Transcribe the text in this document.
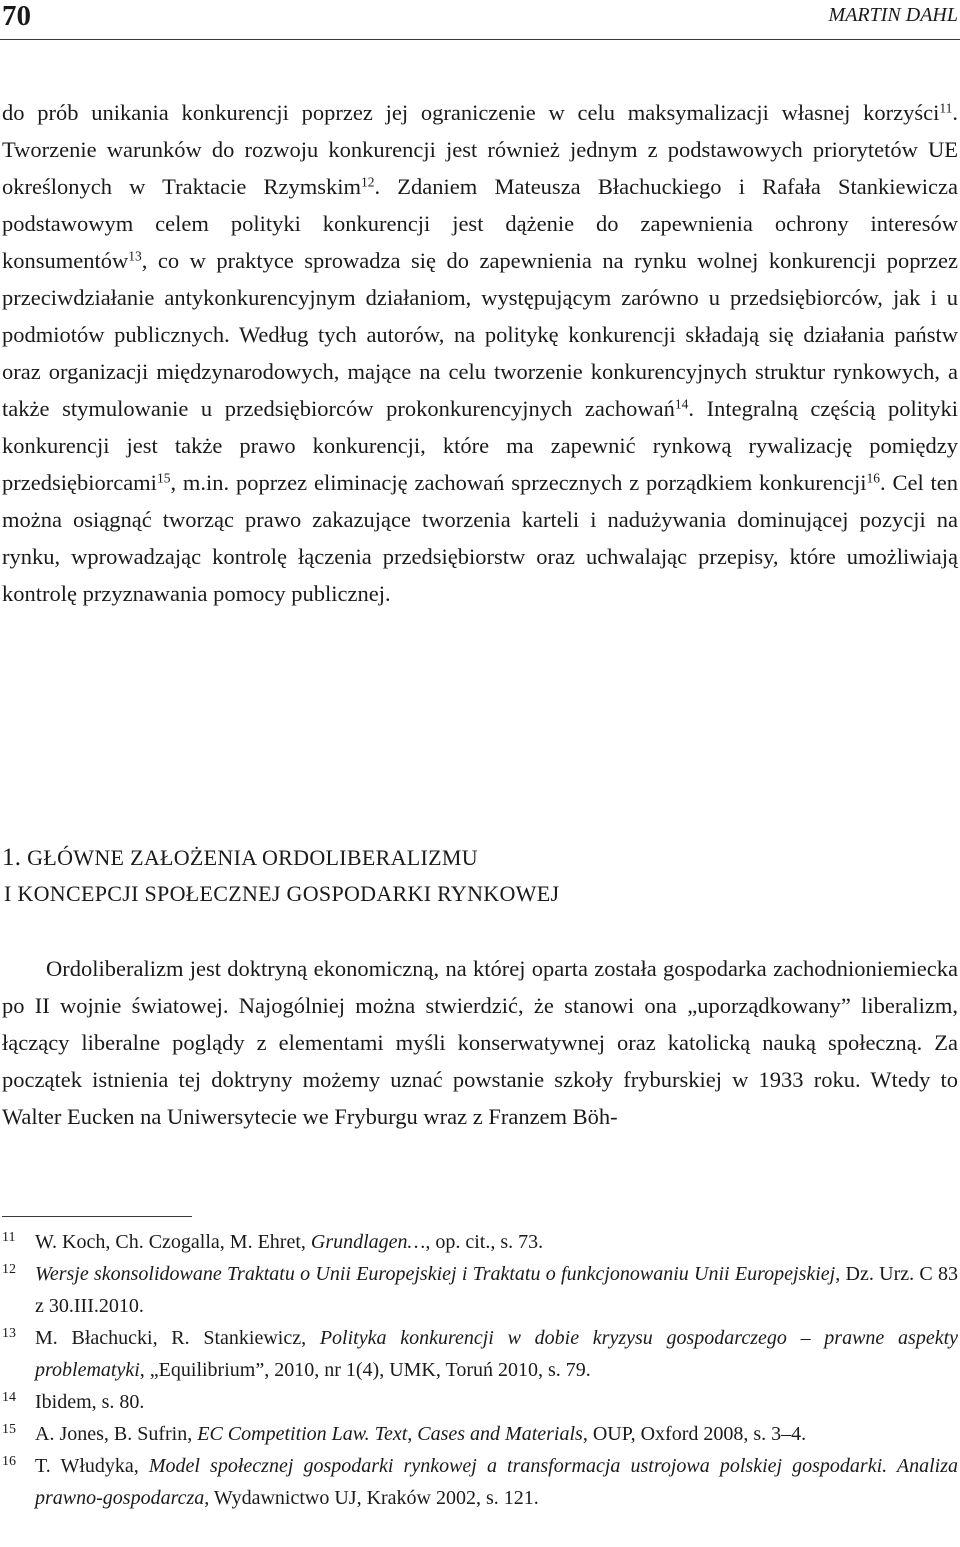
70	MARTIN DAHL

do prób unikania konkurencji poprzez jej ograniczenie w celu maksymalizacji własnej korzyści$^{11}$. Tworzenie warunków do rozwoju konkurencji jest również jednym z podstawowych priorytetów UE określonych w Traktacie Rzymskim$^{12}$. Zdaniem Mateusza Błachuckiego i Rafała Stankiewicza podstawowym celem polityki konkurencji jest dążenie do zapewnienia ochrony interesów konsumentów$^{13}$, co w praktyce sprowadza się do zapewnienia na rynku wolnej konkurencji poprzez przeciwdziałanie antykonkurencyjnym działaniom, występującym zarówno u przedsiębiorców, jak i u podmiotów publicznych. Według tych autorów, na politykę konkurencji składają się działania państw oraz organizacji międzynarodowych, mające na celu tworzenie konkurencyjnych struktur rynkowych, a także stymulowanie u przedsiębiorców prokonkurencyjnych zachowań$^{14}$. Integralną częścią polityki konkurencji jest także prawo konkurencji, które ma zapewnić rynkową rywalizację pomiędzy przedsiębiorcami$^{15}$, m.in. poprzez eliminację zachowań sprzecznych z porządkiem konkurencji$^{16}$. Cel ten można osiągnąć tworząc prawo zakazujące tworzenia karteli i nadużywania dominującej pozycji na rynku, wprowadzając kontrolę łączenia przedsiębiorstw oraz uchwalając przepisy, które umożliwiają kontrolę przyznawania pomocy publicznej.

1. GŁÓWNE ZAŁOŻENIA ORDOLIBERALIZMU
I KONCEPCJI SPOŁECZNEJ GOSPODARKI RYNKOWEJ

Ordoliberalizm jest doktryną ekonomiczną, na której oparta została gospodarka zachodnioniemiecka po II wojnie światowej. Najogólniej można stwierdzić, że stanowi ona „uporządkowany” liberalizm, łączący liberalne poglądy z elementami myśli konserwatywnej oraz katolicką nauką społeczną. Za początek istnienia tej doktryny możemy uznać powstanie szkoły fryburskiej w 1933 roku. Wtedy to Walter Eucken na Uniwersytecie we Fryburgu wraz z Franzem Böh-

11 W. Koch, Ch. Czogalla, M. Ehret, Grundlagen…, op. cit., s. 73.
12 Wersje skonsolidowane Traktatu o Unii Europejskiej i Traktatu o funkcjonowaniu Unii Europejskiej, Dz. Urz. C 83 z 30.III.2010.
13 M. Błachucki, R. Stankiewicz, Polityka konkurencji w dobie kryzysu gospodarczego – prawne aspekty problematyki, „Equilibrium”, 2010, nr 1(4), UMK, Toruń 2010, s. 79.
14 Ibidem, s. 80.
15 A. Jones, B. Sufrin, EC Competition Law. Text, Cases and Materials, OUP, Oxford 2008, s. 3–4.
16 T. Włudyka, Model społecznej gospodarki rynkowej a transformacja ustrojowa polskiej gospodarki. Analiza prawno-gospodarcza, Wydawnictwo UJ, Kraków 2002, s. 121.
